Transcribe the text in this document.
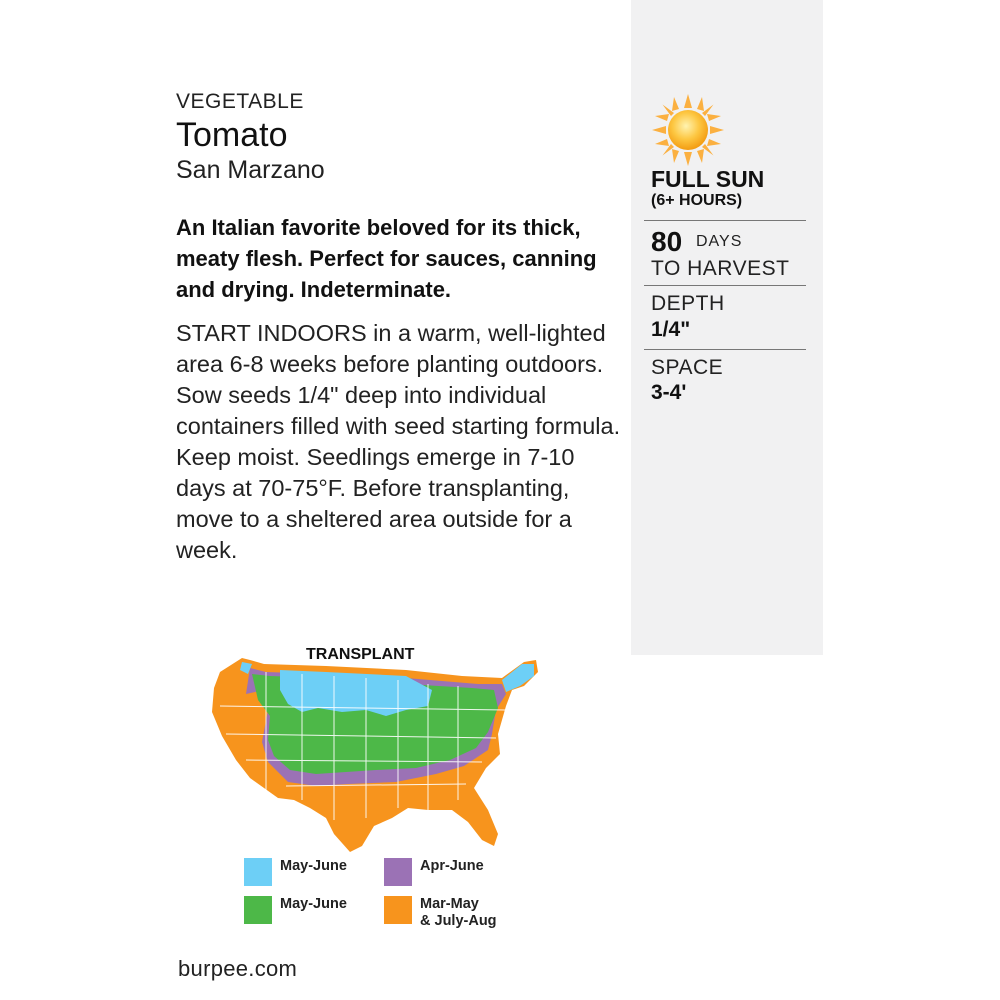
VEGETABLE
Tomato
San Marzano
An Italian favorite beloved for its thick, meaty flesh. Perfect for sauces, canning and drying. Indeterminate.
START INDOORS in a warm, well-lighted area 6-8 weeks before planting outdoors. Sow seeds 1/4" deep into individual containers filled with seed starting formula. Keep moist. Seedlings emerge in 7-10 days at 70-75°F. Before transplanting, move to a sheltered area outside for a week.
FULL SUN
(6+ HOURS)
80 DAYS
TO HARVEST
DEPTH
1/4"
SPACE
3-4'
TRANSPLANT
May-June	Apr-June
May-June	Mar-May
& July-Aug
burpee.com
